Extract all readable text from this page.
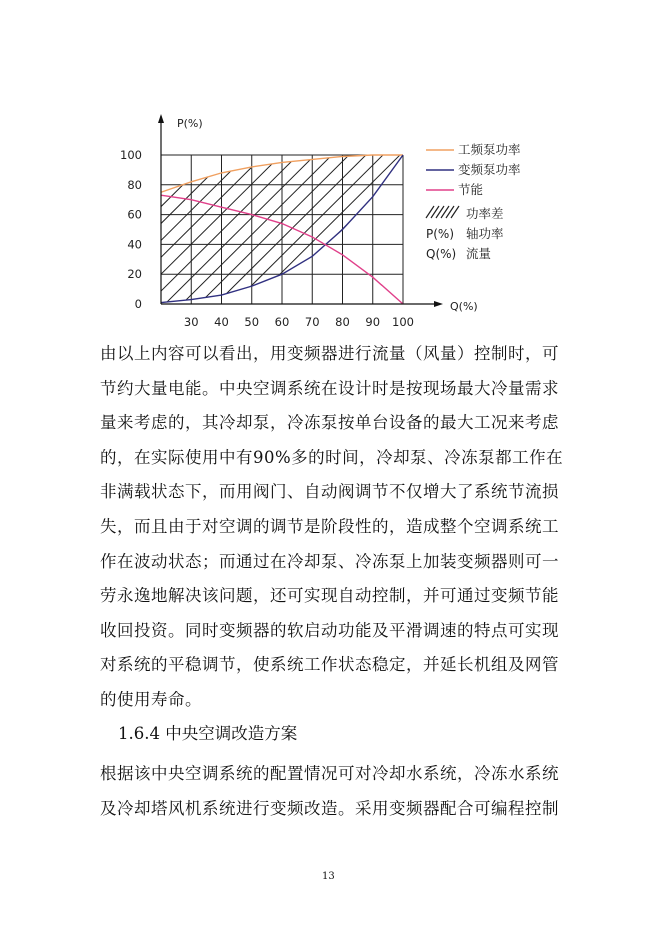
P(%)
Q(%)
0
20
40
60
80
100
30 40 50 60 70 80 90 100
工频泵功率
变频泵功率
节能
功率差
P(%) 轴功率
Q(%) 流量
由以上内容可以看出，用变频器进行流量（风量）控制时，可
节约大量电能。中央空调系统在设计时是按现场最大冷量需求
量来考虑的，其冷却泵，冷冻泵按单台设备的最大工况来考虑
的，在实际使用中有90%多的时间，冷却泵、冷冻泵都工作在
非满载状态下，而用阀门、自动阀调节不仅增大了系统节流损
失，而且由于对空调的调节是阶段性的，造成整个空调系统工
作在波动状态；而通过在冷却泵、冷冻泵上加装变频器则可一
劳永逸地解决该问题，还可实现自动控制，并可通过变频节能
收回投资。同时变频器的软启动功能及平滑调速的特点可实现
对系统的平稳调节，使系统工作状态稳定，并延长机组及网管
的使用寿命。

1.6.4 中央空调改造方案

根据该中央空调系统的配置情况可对冷却水系统，冷冻水系统
及冷却塔风机系统进行变频改造。采用变频器配合可编程控制

13
